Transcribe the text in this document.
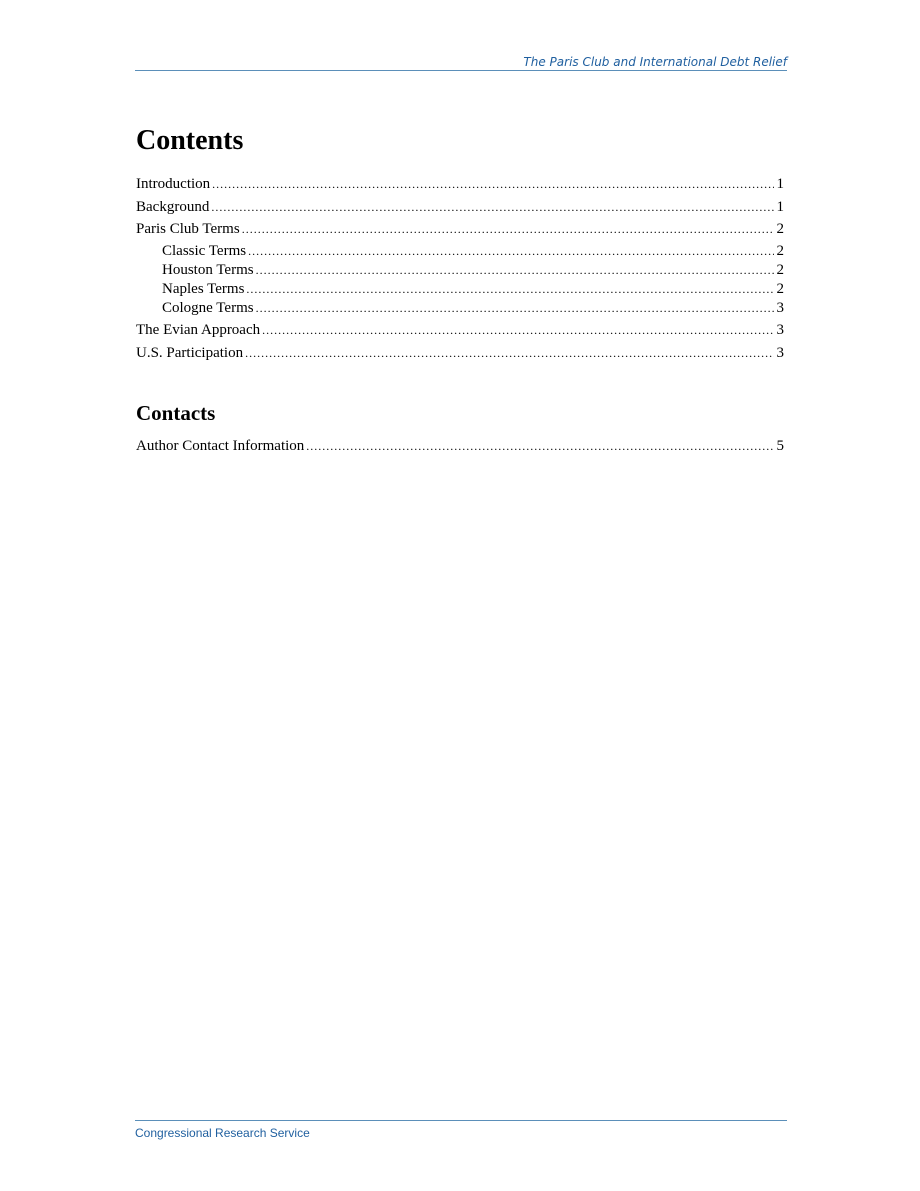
The Paris Club and International Debt Relief
Contents
Introduction .....	1
Background .....	1
Paris Club Terms .....	2
Classic Terms .....	2
Houston Terms .....	2
Naples Terms .....	2
Cologne Terms .....	3
The Evian Approach .....	3
U.S. Participation .....	3
Contacts
Author Contact Information .....	5
Congressional Research Service
